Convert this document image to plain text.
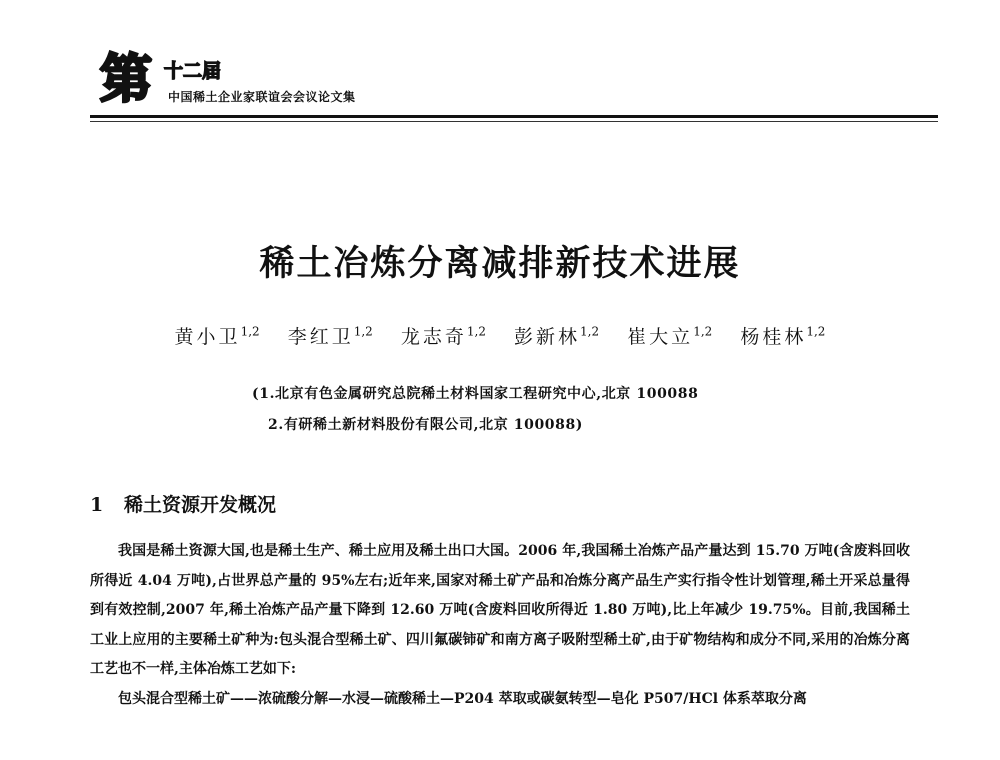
第 十二届
中国稀土企业家联谊会会议论文集
稀土冶炼分离减排新技术进展
黄小卫$^{1,2}$ 李红卫$^{1,2}$ 龙志奇$^{1,2}$ 彭新林$^{1,2}$ 崔大立$^{1,2}$ 杨桂林$^{1,2}$
(1.北京有色金属研究总院稀土材料国家工程研究中心,北京 100088
2.有研稀土新材料股份有限公司,北京 100088)
1 稀土资源开发概况

我国是稀土资源大国,也是稀土生产、稀土应用及稀土出口大国。2006 年,我国稀土冶炼产品产量达到 15.70 万吨(含废料回收所得近 4.04 万吨),占世界总产量的 95%左右;近年来,国家对稀土矿产品和冶炼分离产品生产实行指令性计划管理,稀土开采总量得到有效控制,2007 年,稀土冶炼产品产量下降到 12.60 万吨(含废料回收所得近 1.80 万吨),比上年减少 19.75%。目前,我国稀土工业上应用的主要稀土矿种为:包头混合型稀土矿、四川氟碳铈矿和南方离子吸附型稀土矿,由于矿物结构和成分不同,采用的冶炼分离工艺也不一样,主体冶炼工艺如下:

包头混合型稀土矿——浓硫酸分解—水浸—硫酸稀土—P204 萃取或碳氨转型—皂化 P507/HCl 体系萃取分离
